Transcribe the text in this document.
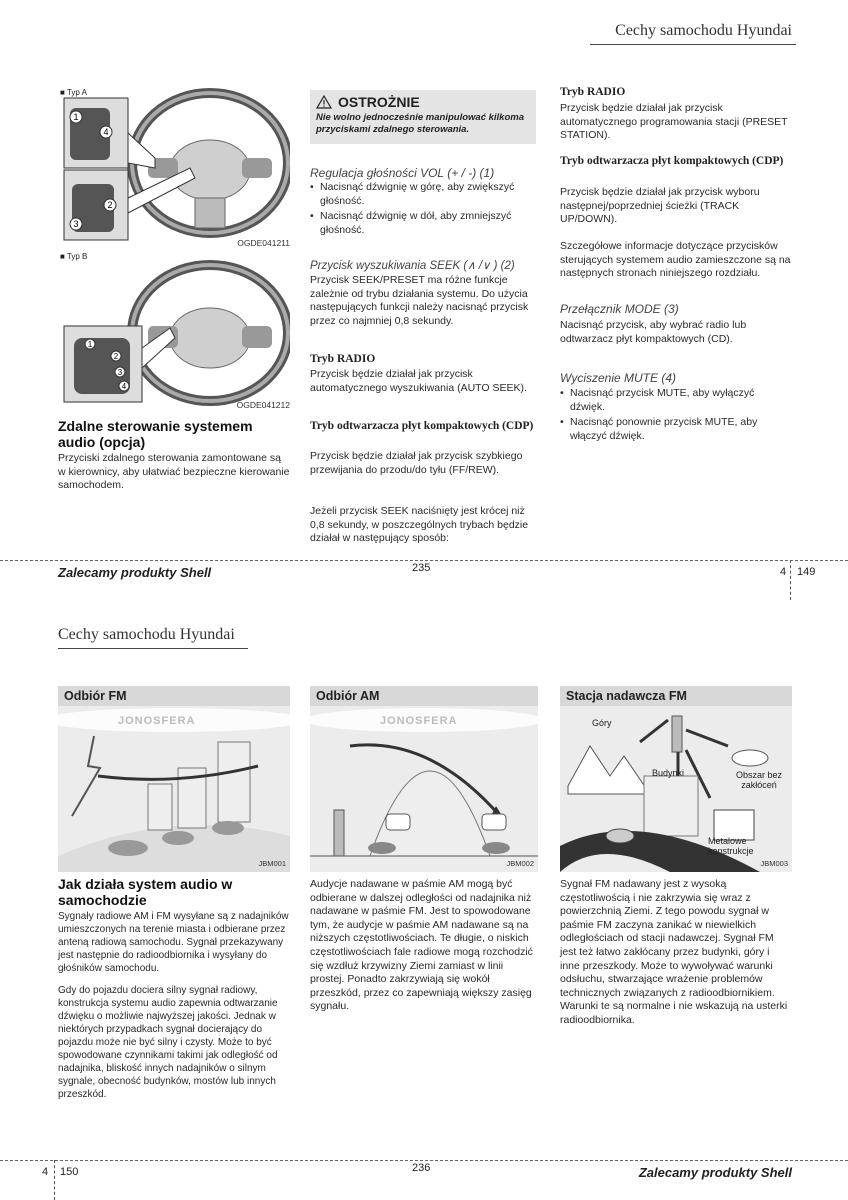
Cechy samochodu Hyundai
1
4
2
3
1
2
3
4
■ Typ A
OGDE041211
■ Typ B
OGDE041212
Zdalne sterowanie systemem audio (opcja)
Przyciski zdalnego sterowania zamontowane są w kierownicy, aby ułatwiać bezpieczne kierowanie samochodem.
OSTROŻNIE
Nie wolno jednocześnie manipulować kilkoma przyciskami zdalnego sterowania.
Regulacja głośności VOL (+ / -) (1)
• Nacisnąć dźwignię w górę, aby zwiększyć głośność.
• Nacisnąć dźwignię w dół, aby zmniejszyć głośność.
Przycisk wyszukiwania SEEK (∧ /∨ ) (2)
Przycisk SEEK/PRESET ma różne funkcje zależnie od trybu działania systemu. Do użycia następujących funkcji należy nacisnąć przycisk przez co najmniej 0,8 sekundy.
Tryb RADIO
Przycisk będzie działał jak przycisk automatycznego wyszukiwania (AUTO SEEK).
Tryb odtwarzacza płyt kompaktowych (CDP)
Przycisk będzie działał jak przycisk szybkiego przewijania do przodu/do tyłu (FF/REW).
Jeżeli przycisk SEEK naciśnięty jest krócej niż 0,8 sekundy, w poszczególnych trybach będzie działał w następujący sposób:
Tryb RADIO
Przycisk będzie działał jak przycisk automatycznego programowania stacji (PRESET STATION).
Tryb odtwarzacza płyt kompaktowych (CDP)
Przycisk będzie działał jak przycisk wyboru następnej/poprzedniej ścieżki (TRACK UP/DOWN).
Szczegółowe informacje dotyczące przycisków sterujących systemem audio zamieszczone są na następnych stronach niniejszego rozdziału.
Przełącznik MODE (3)
Nacisnąć przycisk, aby wybrać radio lub odtwarzacz płyt kompaktowych (CD).
Wyciszenie MUTE (4)
• Nacisnąć przycisk MUTE, aby wyłączyć dźwięk.
• Nacisnąć ponownie przycisk MUTE, aby włączyć dźwięk.
Zalecamy produkty Shell	235	4 149
Cechy samochodu Hyundai
Odbiór FM
JONOSFERA
JBM001
Odbiór AM
JONOSFERA
JBM002
Stacja nadawcza FM
Góry
Budynki	Obszar bez zakłóceń
Metalowe konstrukcje
JBM003
Jak działa system audio w samochodzie
Sygnały radiowe AM i FM wysyłane są z nadajników umieszczonych na terenie miasta i odbierane przez anteną radiową samochodu. Sygnał przekazywany jest następnie do radioodbiornika i wysyłany do głośników samochodu.
Gdy do pojazdu dociera silny sygnał radiowy, konstrukcja systemu audio zapewnia odtwarzanie dźwięku o możliwie najwyższej jakości. Jednak w niektórych przypadkach sygnał docierający do pojazdu może nie być silny i czysty. Może to być spowodowane czynnikami takimi jak odległość od nadajnika, bliskość innych nadajników o silnym sygnale, obecność budynków, mostów lub innych przeszkód.
Audycje nadawane w paśmie AM mogą być odbierane w dalszej odległości od nadajnika niż nadawane w paśmie FM. Jest to spowodowane tym, że audycje w paśmie AM nadawane są na niższych częstotliwościach. Te długie, o niskich częstotliwościach fale radiowe mogą rozchodzić się wzdłuż krzywizny Ziemi zamiast w linii prostej. Ponadto zakrzywiają się wokół przeszkód, przez co zapewniają większy zasięg sygnału.
Sygnał FM nadawany jest z wysoką częstotliwością i nie zakrzywia się wraz z powierzchnią Ziemi. Z tego powodu sygnał w paśmie FM zaczyna zanikać w niewielkich odległościach od stacji nadawczej. Sygnał FM jest też łatwo zakłócany przez budynki, góry i inne przeszkody. Może to wywoływać warunki odsłuchu, stwarzające wrażenie problemów technicznych związanych z radioodbiornikiem. Warunki te są normalne i nie wskazują na usterki radioodbiornika.
4 150	236	Zalecamy produkty Shell
